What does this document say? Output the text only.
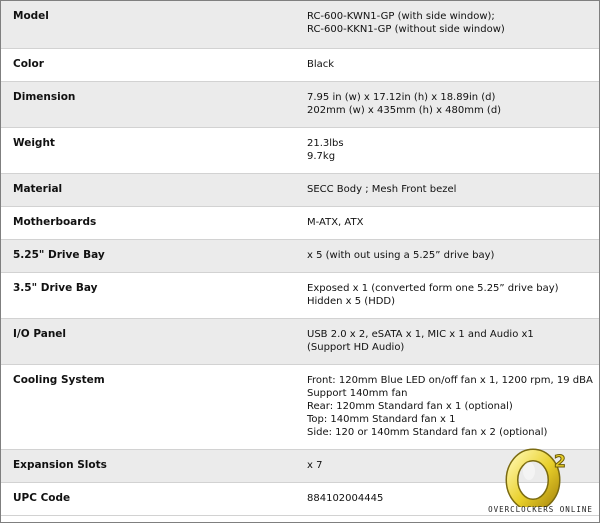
Model	RC-600-KWN1-GP (with side window);
RC-600-KKN1-GP (without side window)

Color	Black

Dimension	7.95 in (w) x 17.12in (h) x 18.89in (d)
202mm (w) x 435mm (h) x 480mm (d)

Weight	21.3lbs
9.7kg

Material	SECC Body ; Mesh Front bezel

Motherboards	M-ATX, ATX

5.25" Drive Bay	x 5 (with out using a 5.25” drive bay)

3.5" Drive Bay	Exposed x 1 (converted form one 5.25” drive bay)
Hidden x 5 (HDD)

I/O Panel	USB 2.0 x 2, eSATA x 1, MIC x 1 and Audio x1
(Support HD Audio)

Cooling System	Front: 120mm Blue LED on/off fan x 1, 1200 rpm, 19 dBA
Support 140mm fan
Rear: 120mm Standard fan x 1 (optional)
Top: 140mm Standard fan x 1
Side: 120 or 140mm Standard fan x 2 (optional)

Expansion Slots	x 7

UPC Code	884102004445
2
OVERCLOCKERS ONLINE
